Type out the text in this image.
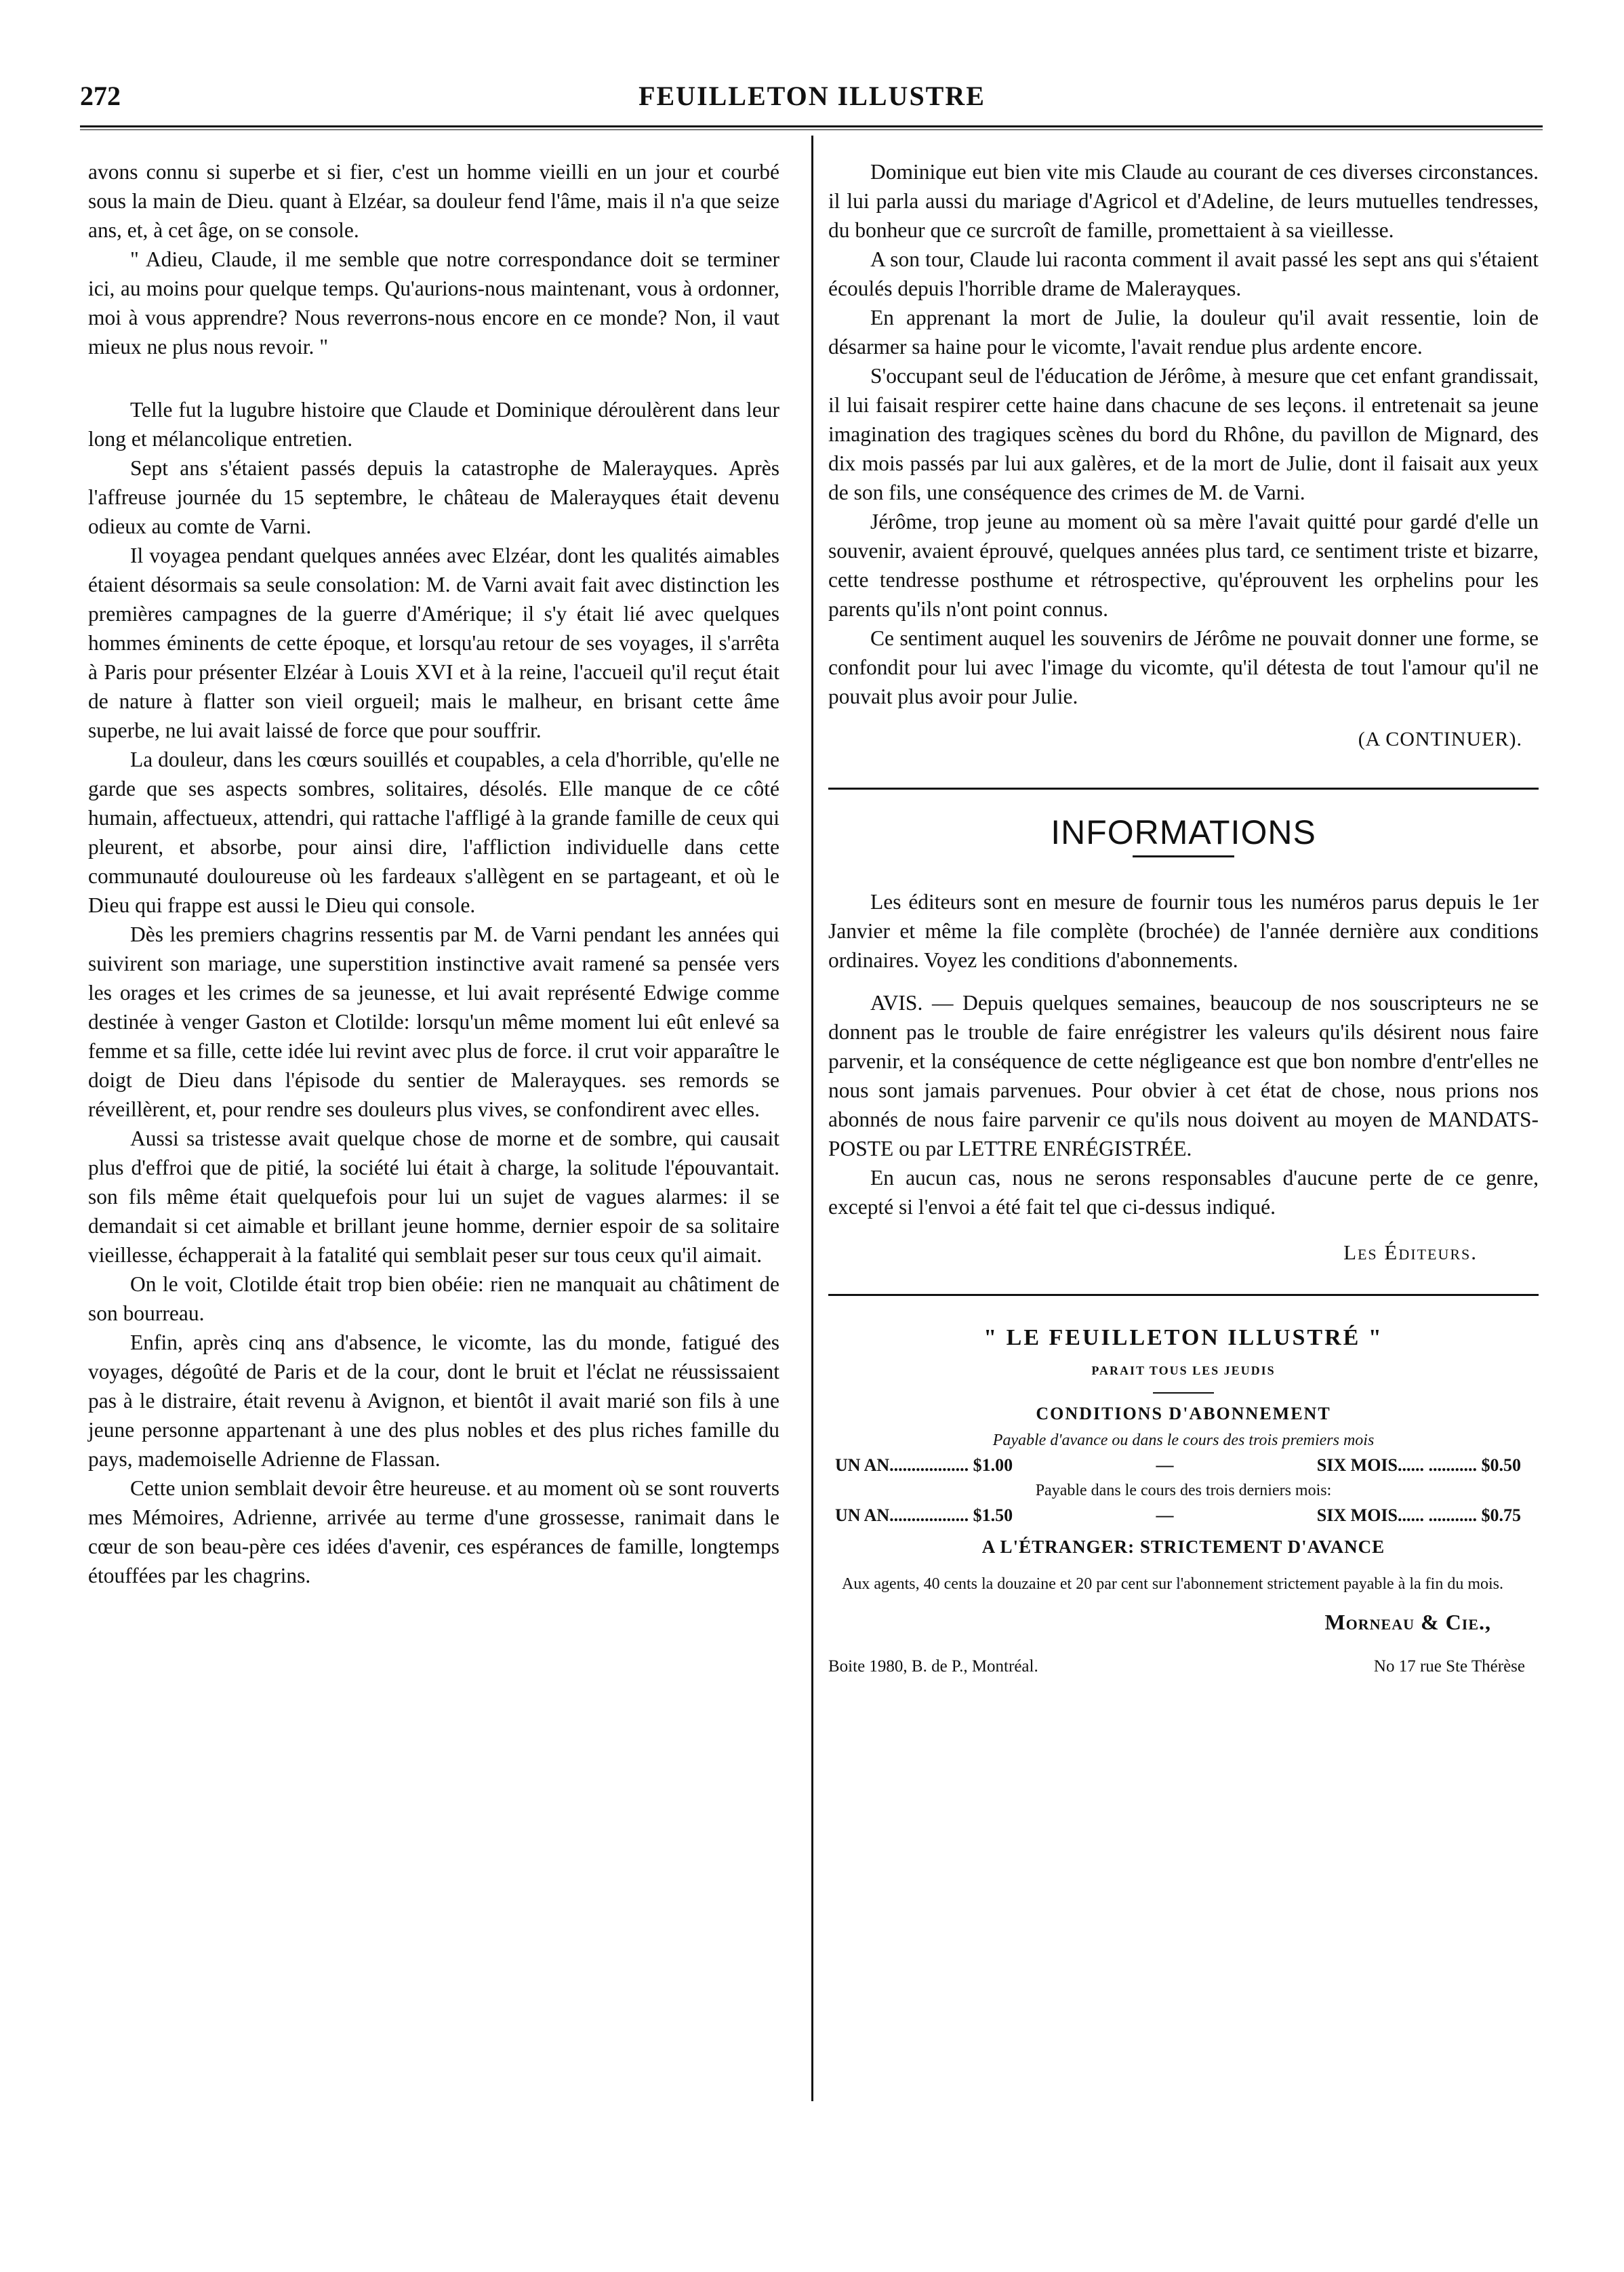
272	FEUILLETON ILLUSTRE

avons connu si superbe et si fier, c'est un homme vieilli en un jour et courbé sous la main de Dieu. quant à Elzéar, sa douleur fend l'âme, mais il n'a que seize ans, et, à cet âge, on se console.

" Adieu, Claude, il me semble que notre correspondance doit se terminer ici, au moins pour quelque temps. Qu'aurions-nous maintenant, vous à ordonner, moi à vous apprendre? Nous reverrons-nous encore en ce monde? Non, il vaut mieux ne plus nous revoir. "

Telle fut la lugubre histoire que Claude et Dominique déroulèrent dans leur long et mélancolique entretien.

Sept ans s'étaient passés depuis la catastrophe de Malerayques. Après l'affreuse journée du 15 septembre, le château de Malerayques était devenu odieux au comte de Varni.

Il voyagea pendant quelques années avec Elzéar, dont les qualités aimables étaient désormais sa seule consolation: M. de Varni avait fait avec distinction les premières campagnes de la guerre d'Amérique; il s'y était lié avec quelques hommes éminents de cette époque, et lorsqu'au retour de ses voyages, il s'arrêta à Paris pour présenter Elzéar à Louis XVI et à la reine, l'accueil qu'il reçut était de nature à flatter son vieil orgueil; mais le malheur, en brisant cette âme superbe, ne lui avait laissé de force que pour souffrir.

La douleur, dans les cœurs souillés et coupables, a cela d'horrible, qu'elle ne garde que ses aspects sombres, solitaires, désolés. Elle manque de ce côté humain, affectueux, attendri, qui rattache l'affligé à la grande famille de ceux qui pleurent, et absorbe, pour ainsi dire, l'affliction individuelle dans cette communauté douloureuse où les fardeaux s'allègent en se partageant, et où le Dieu qui frappe est aussi le Dieu qui console.

Dès les premiers chagrins ressentis par M. de Varni pendant les années qui suivirent son mariage, une superstition instinctive avait ramené sa pensée vers les orages et les crimes de sa jeunesse, et lui avait représenté Edwige comme destinée à venger Gaston et Clotilde: lorsqu'un même moment lui eût enlevé sa femme et sa fille, cette idée lui revint avec plus de force. il crut voir apparaître le doigt de Dieu dans l'épisode du sentier de Malerayques. ses remords se réveillèrent, et, pour rendre ses douleurs plus vives, se confondirent avec elles.

Aussi sa tristesse avait quelque chose de morne et de sombre, qui causait plus d'effroi que de pitié, la société lui était à charge, la solitude l'épouvantait. son fils même était quelquefois pour lui un sujet de vagues alarmes: il se demandait si cet aimable et brillant jeune homme, dernier espoir de sa solitaire vieillesse, échapperait à la fatalité qui semblait peser sur tous ceux qu'il aimait.

On le voit, Clotilde était trop bien obéie: rien ne manquait au châtiment de son bourreau.

Enfin, après cinq ans d'absence, le vicomte, las du monde, fatigué des voyages, dégoûté de Paris et de la cour, dont le bruit et l'éclat ne réussissaient pas à le distraire, était revenu à Avignon, et bientôt il avait marié son fils à une jeune personne appartenant à une des plus nobles et des plus riches famille du pays, mademoiselle Adrienne de Flassan.

Cette union semblait devoir être heureuse. et au moment où se sont rouverts mes Mémoires, Adrienne, arrivée au terme d'une grossesse, ranimait dans le cœur de son beau-père ces idées d'avenir, ces espérances de famille, longtemps étouffées par les chagrins.

Dominique eut bien vite mis Claude au courant de ces diverses circonstances. il lui parla aussi du mariage d'Agricol et d'Adeline, de leurs mutuelles tendresses, du bonheur que ce surcroît de famille, promettaient à sa vieillesse.

A son tour, Claude lui raconta comment il avait passé les sept ans qui s'étaient écoulés depuis l'horrible drame de Malerayques.

En apprenant la mort de Julie, la douleur qu'il avait ressentie, loin de désarmer sa haine pour le vicomte, l'avait rendue plus ardente encore.

S'occupant seul de l'éducation de Jérôme, à mesure que cet enfant grandissait, il lui faisait respirer cette haine dans chacune de ses leçons. il entretenait sa jeune imagination des tragiques scènes du bord du Rhône, du pavillon de Mignard, des dix mois passés par lui aux galères, et de la mort de Julie, dont il faisait aux yeux de son fils, une conséquence des crimes de M. de Varni.

Jérôme, trop jeune au moment où sa mère l'avait quitté pour gardé d'elle un souvenir, avaient éprouvé, quelques années plus tard, ce sentiment triste et bizarre, cette tendresse posthume et rétrospective, qu'éprouvent les orphelins pour les parents qu'ils n'ont point connus.

Ce sentiment auquel les souvenirs de Jérôme ne pouvait donner une forme, se confondit pour lui avec l'image du vicomte, qu'il détesta de tout l'amour qu'il ne pouvait plus avoir pour Julie.

(A CONTINUER).
INFORMATIONS

Les éditeurs sont en mesure de fournir tous les numéros parus depuis le 1er Janvier et même la file complète (brochée) de l'année dernière aux conditions ordinaires. Voyez les conditions d'abonnements.

AVIS. — Depuis quelques semaines, beaucoup de nos souscripteurs ne se donnent pas le trouble de faire enrégistrer les valeurs qu'ils désirent nous faire parvenir, et la conséquence de cette négligeance est que bon nombre d'entr'elles ne nous sont jamais parvenues. Pour obvier à cet état de chose, nous prions nos abonnés de nous faire parvenir ce qu'ils nous doivent au moyen de MANDATS-POSTE ou par LETTRE ENRÉGISTRÉE.

En aucun cas, nous ne serons responsables d'aucune perte de ce genre, excepté si l'envoi a été fait tel que ci-dessus indiqué.

Les Éditeurs.
" LE FEUILLETON ILLUSTRÉ "
PARAIT TOUS LES JEUDIS
CONDITIONS D'ABONNEMENT
Payable d'avance ou dans le cours des trois premiers mois
UN AN.................. $1.00	—	SIX MOIS...... ........... $0.50
Payable dans le cours des trois derniers mois:
UN AN.................. $1.50	—	SIX MOIS...... ........... $0.75
A L'ÉTRANGER: STRICTEMENT D'AVANCE
Aux agents, 40 cents la douzaine et 20 par cent sur l'abonnement strictement payable à la fin du mois.
Morneau & Cie.,
Boite 1980, B. de P., Montréal.	No 17 rue Ste Thérèse
